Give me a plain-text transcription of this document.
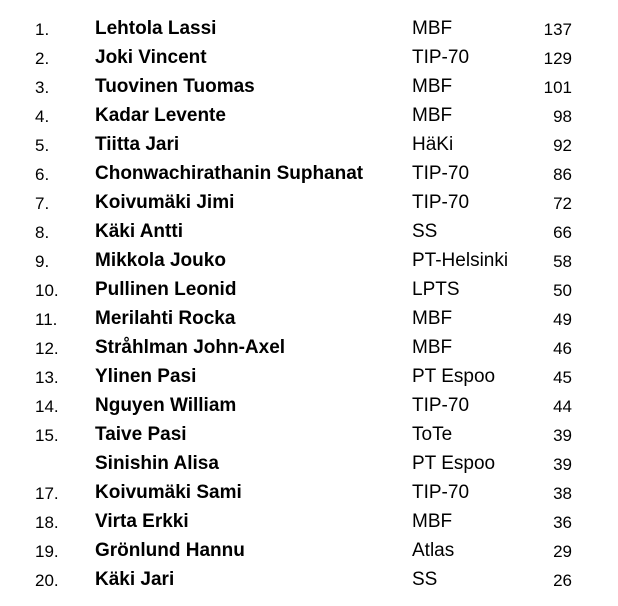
1. Lehtola Lassi	MBF	137
2. Joki Vincent	TIP-70	129
3. Tuovinen Tuomas	MBF	101
4. Kadar Levente	MBF	98
5. Tiitta Jari	HäKi	92
6. Chonwachirathanin Suphanat	TIP-70	86
7. Koivumäki Jimi	TIP-70	72
8. Käki Antti	SS	66
9. Mikkola Jouko	PT-Helsinki	58
10. Pullinen Leonid	LPTS	50
11. Merilahti Rocka	MBF	49
12. Stråhlman John-Axel	MBF	46
13. Ylinen Pasi	PT Espoo	45
14. Nguyen William	TIP-70	44
15. Taive Pasi	ToTe	39
Sinishin Alisa	PT Espoo	39
17. Koivumäki Sami	TIP-70	38
18. Virta Erkki	MBF	36
19. Grönlund Hannu	Atlas	29
20. Käki Jari	SS	26
